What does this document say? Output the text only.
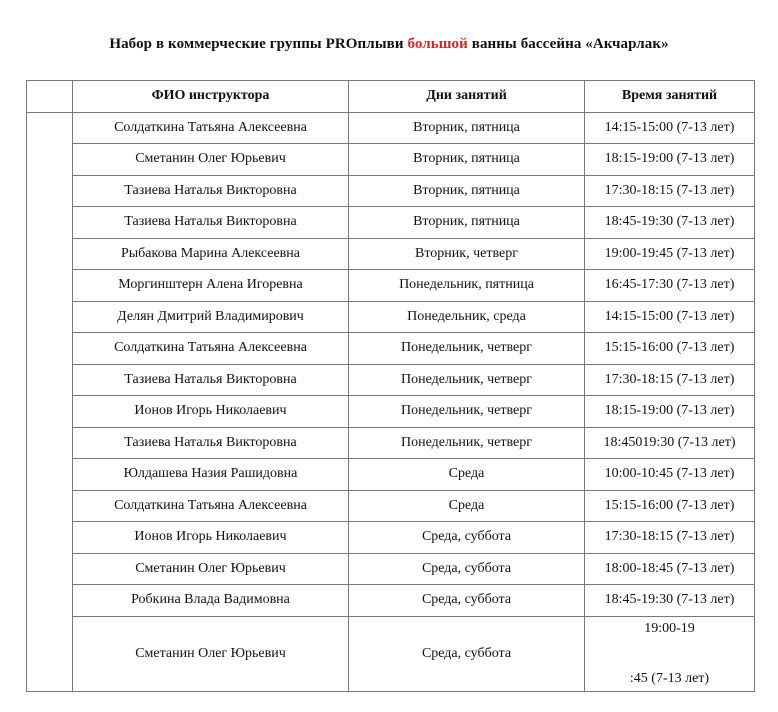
Набор в коммерческие группы PROплыви большой ванны бассейна «Акчарлак»
	ФИО инструктора	Дни занятий	Время занятий
	Солдаткина Татьяна Алексеевна	Вторник, пятница	14:15-15:00 (7-13 лет)
	Сметанин Олег Юрьевич	Вторник, пятница	18:15-19:00 (7-13 лет)
	Тазиева Наталья Викторовна	Вторник, пятница	17:30-18:15 (7-13 лет)
	Тазиева Наталья Викторовна	Вторник, пятница	18:45-19:30 (7-13 лет)
	Рыбакова Марина Алексеевна	Вторник, четверг	19:00-19:45 (7-13 лет)
	Моргинштерн Алена Игоревна	Понедельник, пятница	16:45-17:30 (7-13 лет)
	Делян Дмитрий Владимирович	Понедельник, среда	14:15-15:00 (7-13 лет)
	Солдаткина Татьяна Алексеевна	Понедельник, четверг	15:15-16:00 (7-13 лет)
	Тазиева Наталья Викторовна	Понедельник, четверг	17:30-18:15 (7-13 лет)
	Ионов Игорь Николаевич	Понедельник, четверг	18:15-19:00 (7-13 лет)
	Тазиева Наталья Викторовна	Понедельник, четверг	18:45019:30 (7-13 лет)
	Юлдашева Назия Рашидовна	Среда	10:00-10:45 (7-13 лет)
	Солдаткина Татьяна Алексеевна	Среда	15:15-16:00 (7-13 лет)
	Ионов Игорь Николаевич	Среда, суббота	17:30-18:15 (7-13 лет)
	Сметанин Олег Юрьевич	Среда, суббота	18:00-18:45 (7-13 лет)
	Робкина Влада Вадимовна	Среда, суббота	18:45-19:30 (7-13 лет)
	Сметанин Олег Юрьевич	Среда, суббота	19:00-19
:45 (7-13 лет)
